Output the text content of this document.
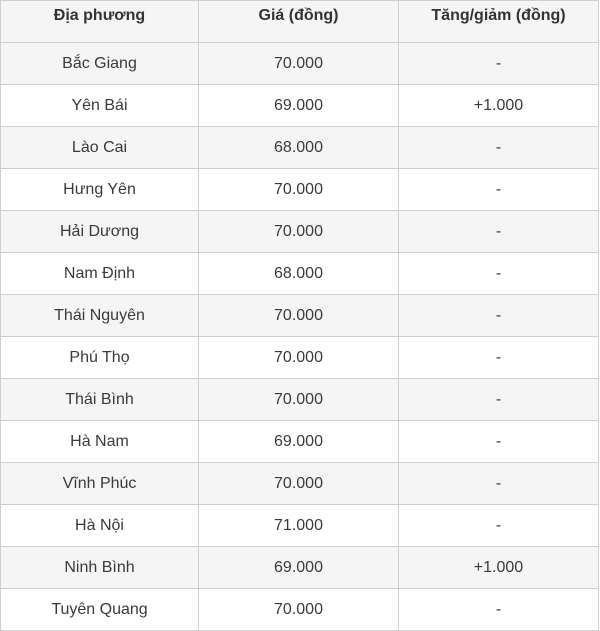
Địa phương	Giá (đồng)	Tăng/giảm (đồng)
Bắc Giang	70.000	-
Yên Bái	69.000	+1.000
Lào Cai	68.000	-
Hưng Yên	70.000	-
Hải Dương	70.000	-
Nam Định	68.000	-
Thái Nguyên	70.000	-
Phú Thọ	70.000	-
Thái Bình	70.000	-
Hà Nam	69.000	-
Vĩnh Phúc	70.000	-
Hà Nội	71.000	-
Ninh Bình	69.000	+1.000
Tuyên Quang	70.000	-
